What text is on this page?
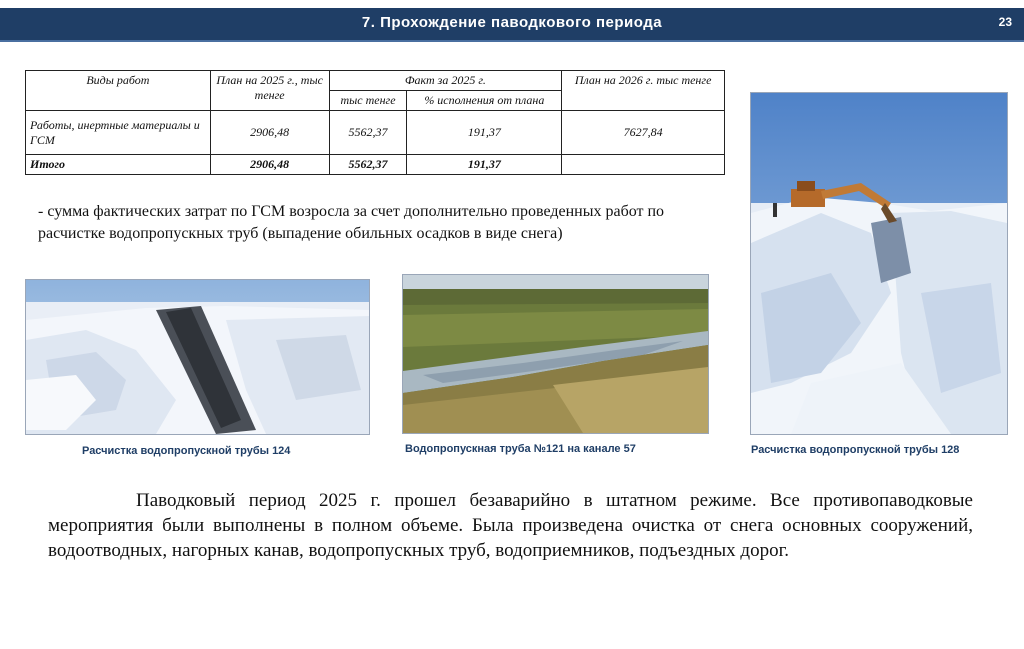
7. Прохождение паводкового периода	23
Виды работ	План на 2025 г., тыс тенге	Факт за 2025 г.		План на 2026 г. тыс тенге
		тыс тенге	% исполнения от плана	
Работы, инертные материалы и ГСМ	2906,48	5562,37	191,37	7627,84
Итого	2906,48	5562,37	191,37	
- сумма фактических затрат по ГСМ возросла за счет дополнительно проведенных работ по расчистке водопропускных труб (выпадение обильных осадков в виде снега)
Расчистка водопропускной трубы 124	Водопропускная труба №121 на канале 57	Расчистка водопропускной трубы 128
Паводковый период 2025 г. прошел безаварийно в штатном режиме. Все противопаводковые мероприятия были выполнены в полном объеме. Была произведена очистка от снега основных сооружений, водоотводных, нагорных канав, водопропускных труб, водоприемников, подъездных дорог.
